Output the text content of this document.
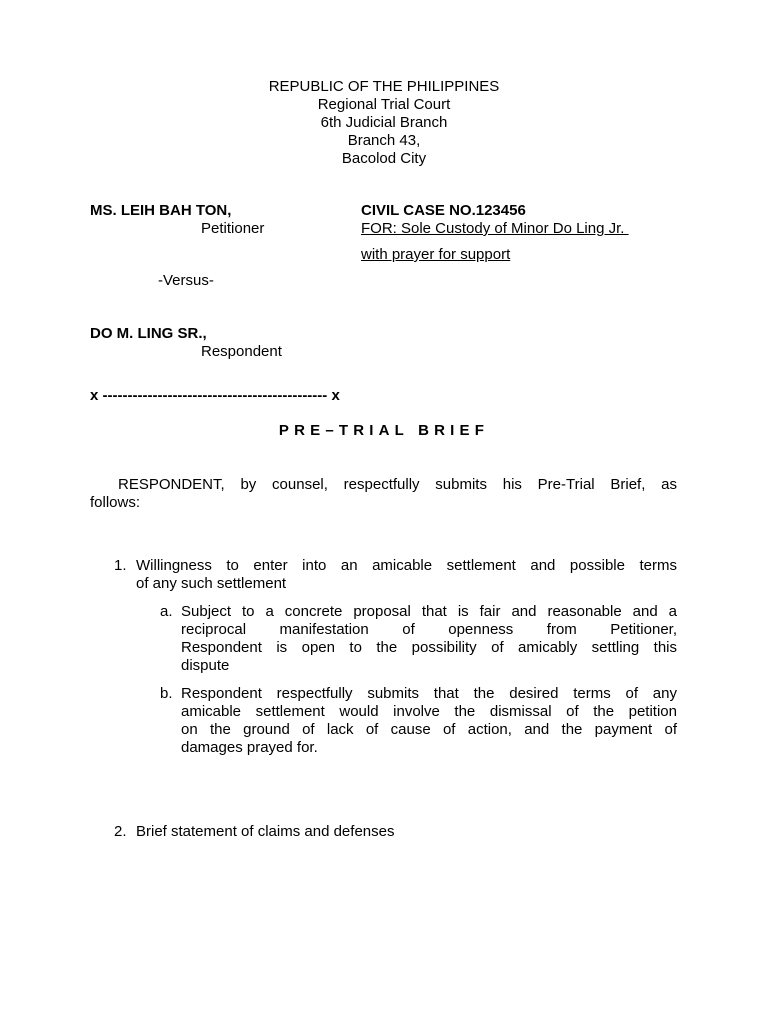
REPUBLIC OF THE PHILIPPINES
Regional Trial Court
6th Judicial Branch
Branch 43,
Bacolod City
MS. LEIH BAH TON,
Petitioner
CIVIL CASE NO.123456
FOR: Sole Custody of Minor Do Ling Jr.
with prayer for support
-Versus-
DO M. LING SR.,
Respondent
x --------------------------------------------- x
PRE–TRIAL BRIEF
RESPONDENT, by counsel, respectfully submits his Pre-Trial Brief, as
follows:
1. Willingness to enter into an amicable settlement and possible terms
of any such settlement
a. Subject to a concrete proposal that is fair and reasonable and a
reciprocal manifestation of openness from Petitioner,
Respondent is open to the possibility of amicably settling this
dispute
b. Respondent respectfully submits that the desired terms of any
amicable settlement would involve the dismissal of the petition
on the ground of lack of cause of action, and the payment of
damages prayed for.
2. Brief statement of claims and defenses
